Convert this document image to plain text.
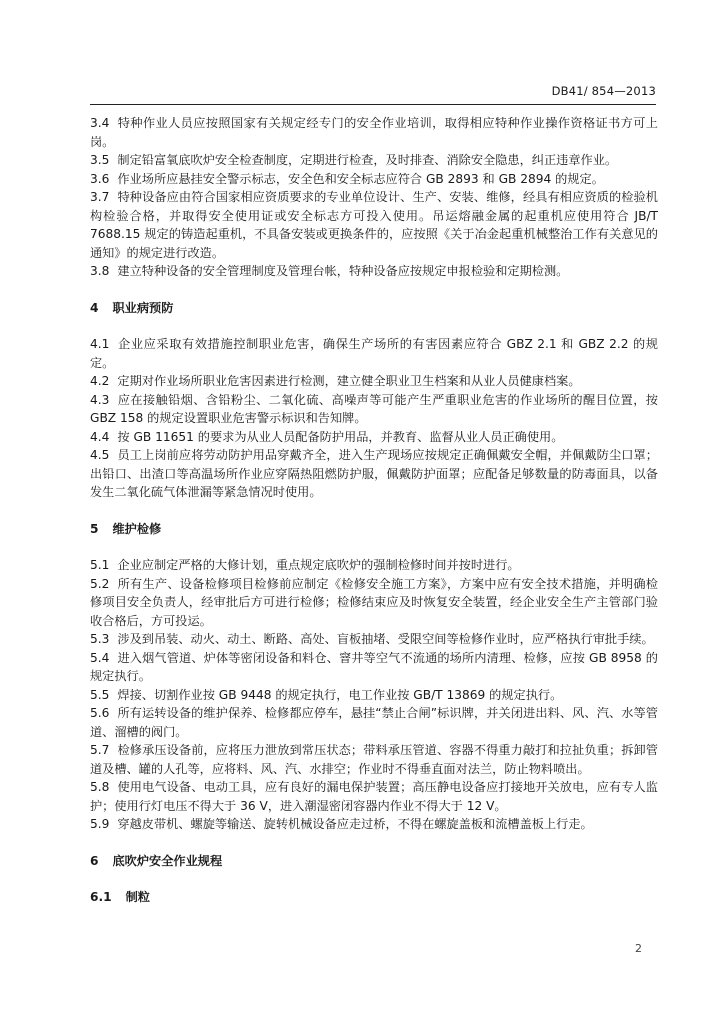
DB41/ 854—2013

3.4 特种作业人员应按照国家有关规定经专门的安全作业培训，取得相应特种作业操作资格证书方可上岗。

3.5 制定铅富氧底吹炉安全检查制度，定期进行检查，及时排查、消除安全隐患，纠正违章作业。

3.6 作业场所应悬挂安全警示标志，安全色和安全标志应符合 GB 2893 和 GB 2894 的规定。

3.7 特种设备应由符合国家相应资质要求的专业单位设计、生产、安装、维修，经具有相应资质的检验机构检验合格，并取得安全使用证或安全标志方可投入使用。吊运熔融金属的起重机应使用符合 JB/T 7688.15 规定的铸造起重机，不具备安装或更换条件的，应按照《关于冶金起重机械整治工作有关意见的通知》的规定进行改造。

3.8 建立特种设备的安全管理制度及管理台帐，特种设备应按规定申报检验和定期检测。

4 职业病预防

4.1 企业应采取有效措施控制职业危害，确保生产场所的有害因素应符合 GBZ 2.1 和 GBZ 2.2 的规定。

4.2 定期对作业场所职业危害因素进行检测，建立健全职业卫生档案和从业人员健康档案。

4.3 应在接触铅烟、含铅粉尘、二氧化硫、高噪声等可能产生严重职业危害的作业场所的醒目位置，按 GBZ 158 的规定设置职业危害警示标识和告知牌。

4.4 按 GB 11651 的要求为从业人员配备防护用品，并教育、监督从业人员正确使用。

4.5 员工上岗前应将劳动防护用品穿戴齐全，进入生产现场应按规定正确佩戴安全帽，并佩戴防尘口罩；出铅口、出渣口等高温场所作业应穿隔热阻燃防护服，佩戴防护面罩；应配备足够数量的防毒面具，以备发生二氧化硫气体泄漏等紧急情况时使用。

5 维护检修

5.1 企业应制定严格的大修计划，重点规定底吹炉的强制检修时间并按时进行。

5.2 所有生产、设备检修项目检修前应制定《检修安全施工方案》，方案中应有安全技术措施，并明确检修项目安全负责人，经审批后方可进行检修；检修结束应及时恢复安全装置，经企业安全生产主管部门验收合格后，方可投运。

5.3 涉及到吊装、动火、动土、断路、高处、盲板抽堵、受限空间等检修作业时，应严格执行审批手续。

5.4 进入烟气管道、炉体等密闭设备和料仓、窨井等空气不流通的场所内清理、检修，应按 GB 8958 的规定执行。

5.5 焊接、切割作业按 GB 9448 的规定执行，电工作业按 GB/T 13869 的规定执行。

5.6 所有运转设备的维护保养、检修都应停车，悬挂“禁止合闸”标识牌，并关闭进出料、风、汽、水等管道、溜槽的阀门。

5.7 检修承压设备前，应将压力泄放到常压状态；带料承压管道、容器不得重力敲打和拉扯负重；拆卸管道及槽、罐的人孔等，应将料、风、汽、水排空；作业时不得垂直面对法兰，防止物料喷出。

5.8 使用电气设备、电动工具，应有良好的漏电保护装置；高压静电设备应打接地开关放电，应有专人监护；使用行灯电压不得大于 36 V，进入潮湿密闭容器内作业不得大于 12 V。

5.9 穿越皮带机、螺旋等输送、旋转机械设备应走过桥，不得在螺旋盖板和流槽盖板上行走。

6 底吹炉安全作业规程

6.1 制粒

2
